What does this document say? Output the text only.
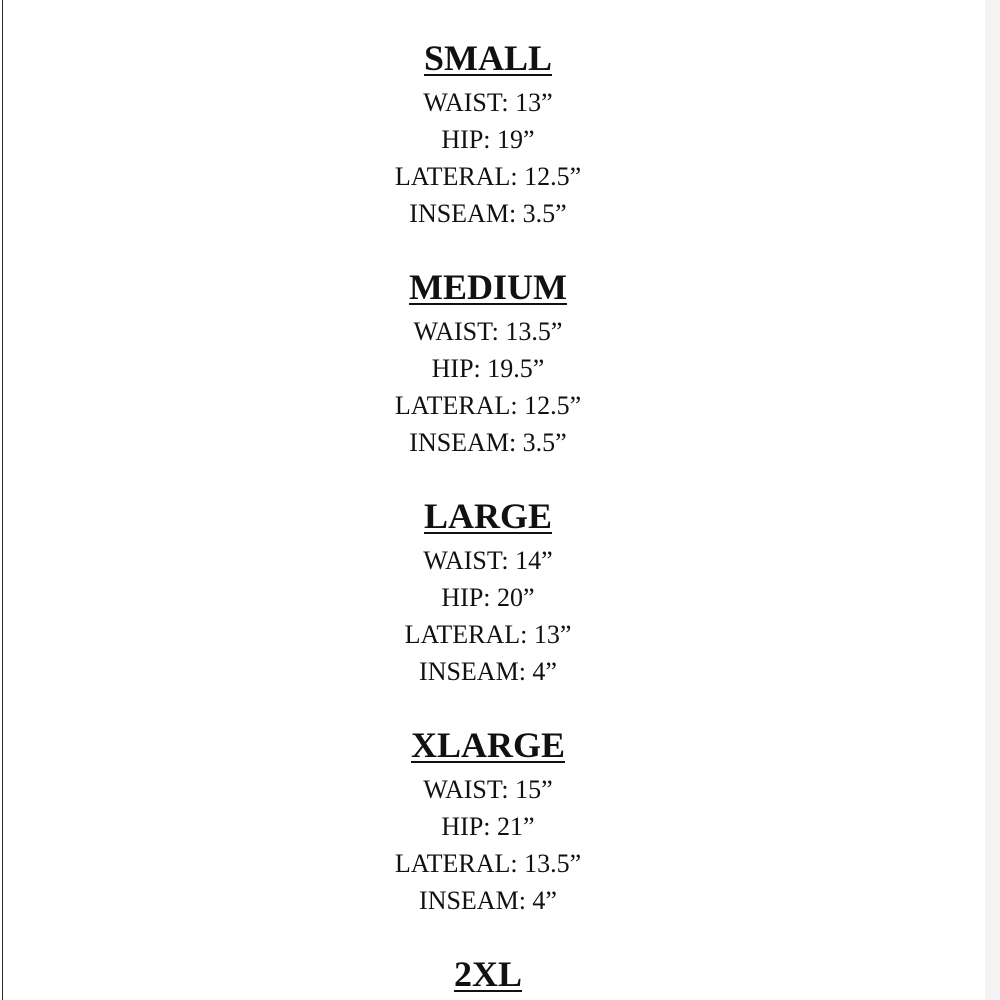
SMALL

WAIST: 13”

HIP: 19”

LATERAL: 12.5”

INSEAM: 3.5”

MEDIUM

WAIST: 13.5”

HIP: 19.5”

LATERAL: 12.5”

INSEAM: 3.5”

LARGE

WAIST: 14”

HIP: 20”

LATERAL: 13”

INSEAM: 4”

XLARGE

WAIST: 15”

HIP: 21”

LATERAL: 13.5”

INSEAM: 4”

2XL
